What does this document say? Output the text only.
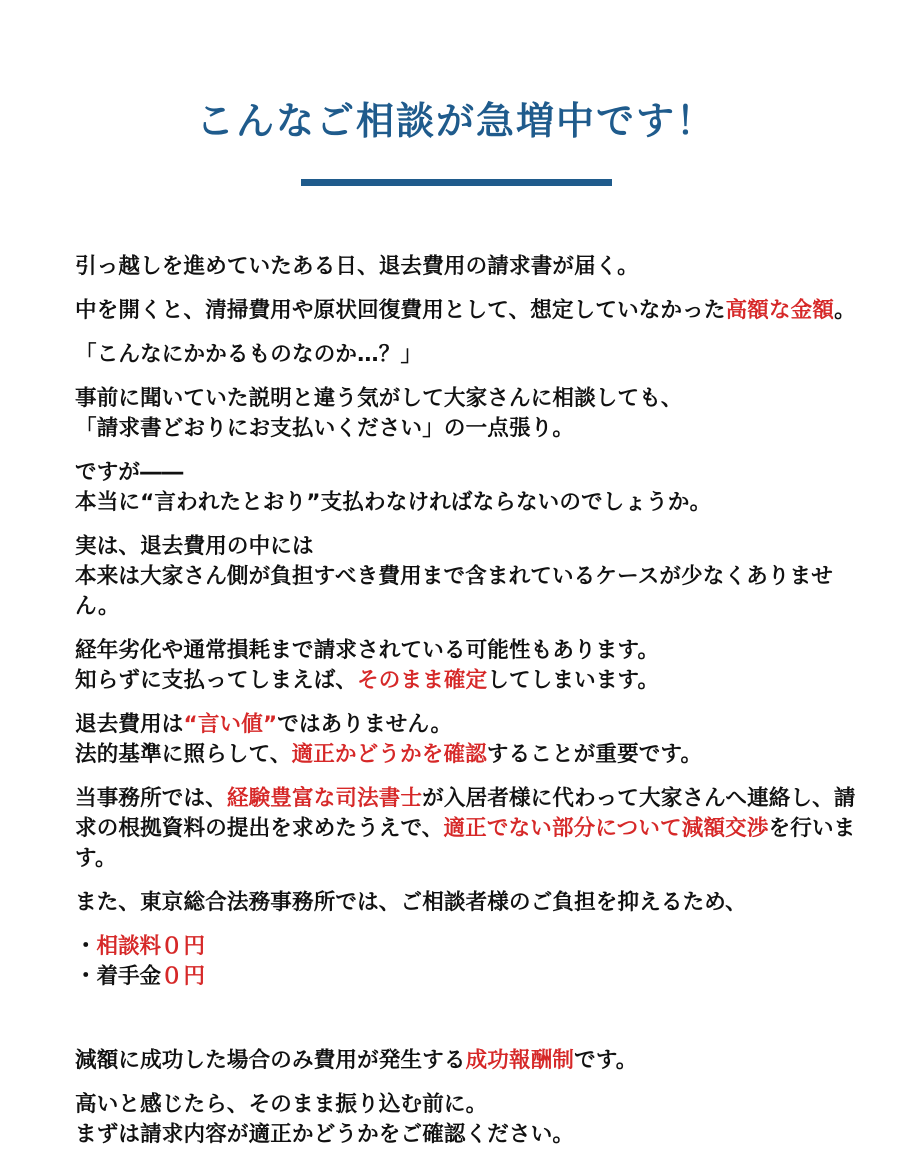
こんなご相談が急増中です！

引っ越しを進めていたある日、退去費用の請求書が届く。

中を開くと、清掃費用や原状回復費用として、想定していなかった高額な金額。

「こんなにかかるものなのか…？」

事前に聞いていた説明と違う気がして大家さんに相談しても、
「請求書どおりにお支払いください」の一点張り。

ですが――
本当に“言われたとおり”支払わなければならないのでしょうか。

実は、退去費用の中には
本来は大家さん側が負担すべき費用まで含まれているケースが少なくありません。

経年劣化や通常損耗まで請求されている可能性もあります。
知らずに支払ってしまえば、そのまま確定してしまいます。

退去費用は“言い値”ではありません。
法的基準に照らして、適正かどうかを確認することが重要です。

当事務所では、経験豊富な司法書士が入居者様に代わって大家さんへ連絡し、請求の根拠資料の提出を求めたうえで、適正でない部分について減額交渉を行います。

また、東京総合法務事務所では、ご相談者様のご負担を抑えるため、

・相談料０円
・着手金０円

減額に成功した場合のみ費用が発生する成功報酬制です。

高いと感じたら、そのまま振り込む前に。
まずは請求内容が適正かどうかをご確認ください。
